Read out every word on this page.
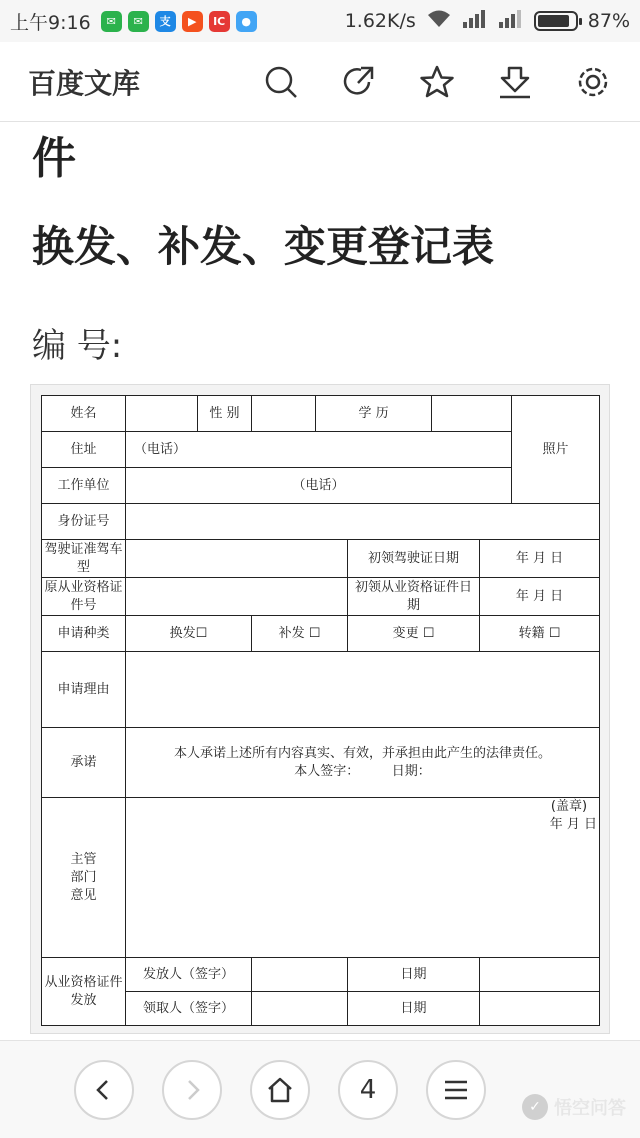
上午9:16	✉	✉	支	▶	IC	●	1.62K/s	87%
百度文库
件
换发、补发、变更登记表
编 号:
姓名		性 别		学 历				照片
住址	（电话）							
工作单位	（电话）							
身份证号								
驾驶证准驾车型					初领驾驶证日期		年 月 日	
原从业资格证件号					初领从业资格证件日期		年 月 日	
申请种类	换发☐		补发 ☐		变更 ☐		转籍 ☐	
申请理由								
承诺	本人承诺上述所有内容真实、有效，并承担由此产生的法律责任。
本人签字：　　　日期：							

主管部门意见	(盖章)
年 月 日							

从业资格证件发放	发放人（签字）				日期			
	领取人（签字）				日期			
4
✓ 悟空问答
